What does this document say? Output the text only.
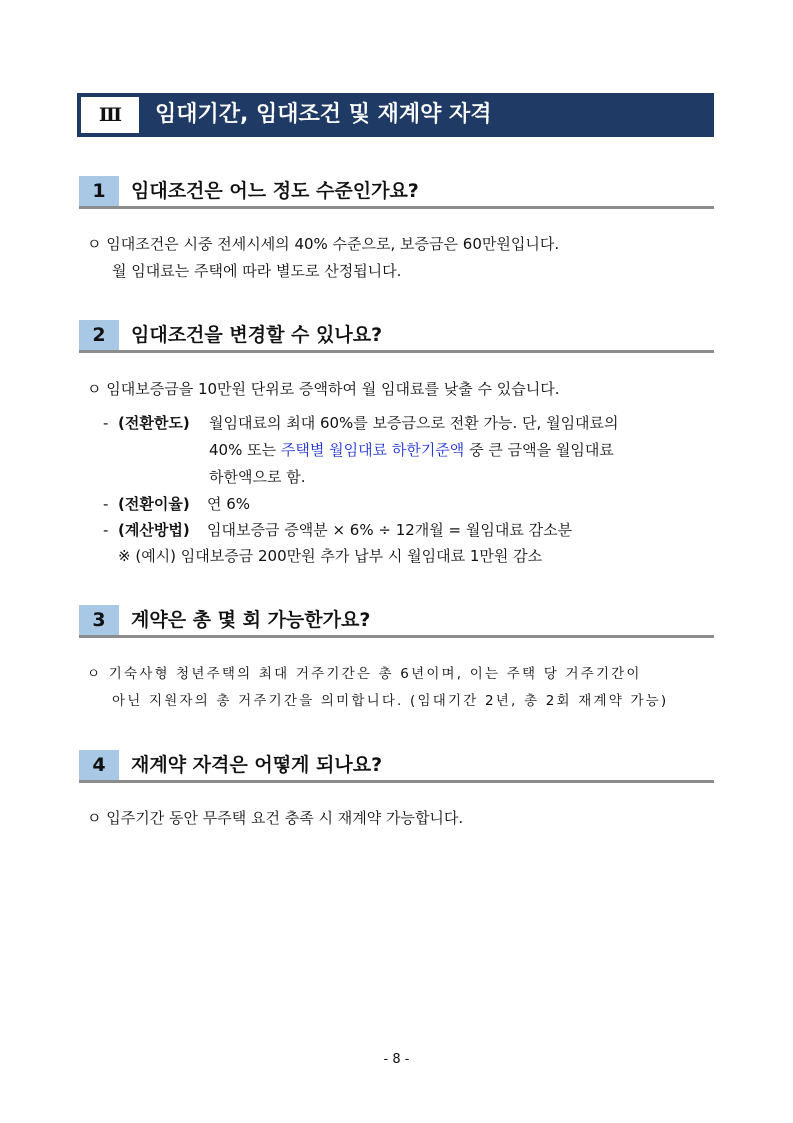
Ⅲ	임대기간, 임대조건 및 재계약 자격
1	임대조건은 어느 정도 수준인가요?
ㅇ 임대조건은 시중 전세시세의 40% 수준으로, 보증금은 60만원입니다.
월 임대료는 주택에 따라 별도로 산정됩니다.
2	임대조건을 변경할 수 있나요?
ㅇ 임대보증금을 10만원 단위로 증액하여 월 임대료를 낮출 수 있습니다.
- (전환한도) 월임대료의 최대 60%를 보증금으로 전환 가능. 단, 월임대료의
40% 또는 주택별 월임대료 하한기준액 중 큰 금액을 월임대료
하한액으로 함.
- (전환이율) 연 6%
- (계산방법) 임대보증금 증액분 × 6% ÷ 12개월 = 월임대료 감소분
※ (예시) 임대보증금 200만원 추가 납부 시 월임대료 1만원 감소
3	계약은 총 몇 회 가능한가요?
ㅇ 기숙사형 청년주택의 최대 거주기간은 총 6년이며, 이는 주택 당 거주기간이
아닌 지원자의 총 거주기간을 의미합니다. (임대기간 2년, 총 2회 재계약 가능)
4	재계약 자격은 어떻게 되나요?
ㅇ 입주기간 동안 무주택 요건 충족 시 재계약 가능합니다.
- 8 -
